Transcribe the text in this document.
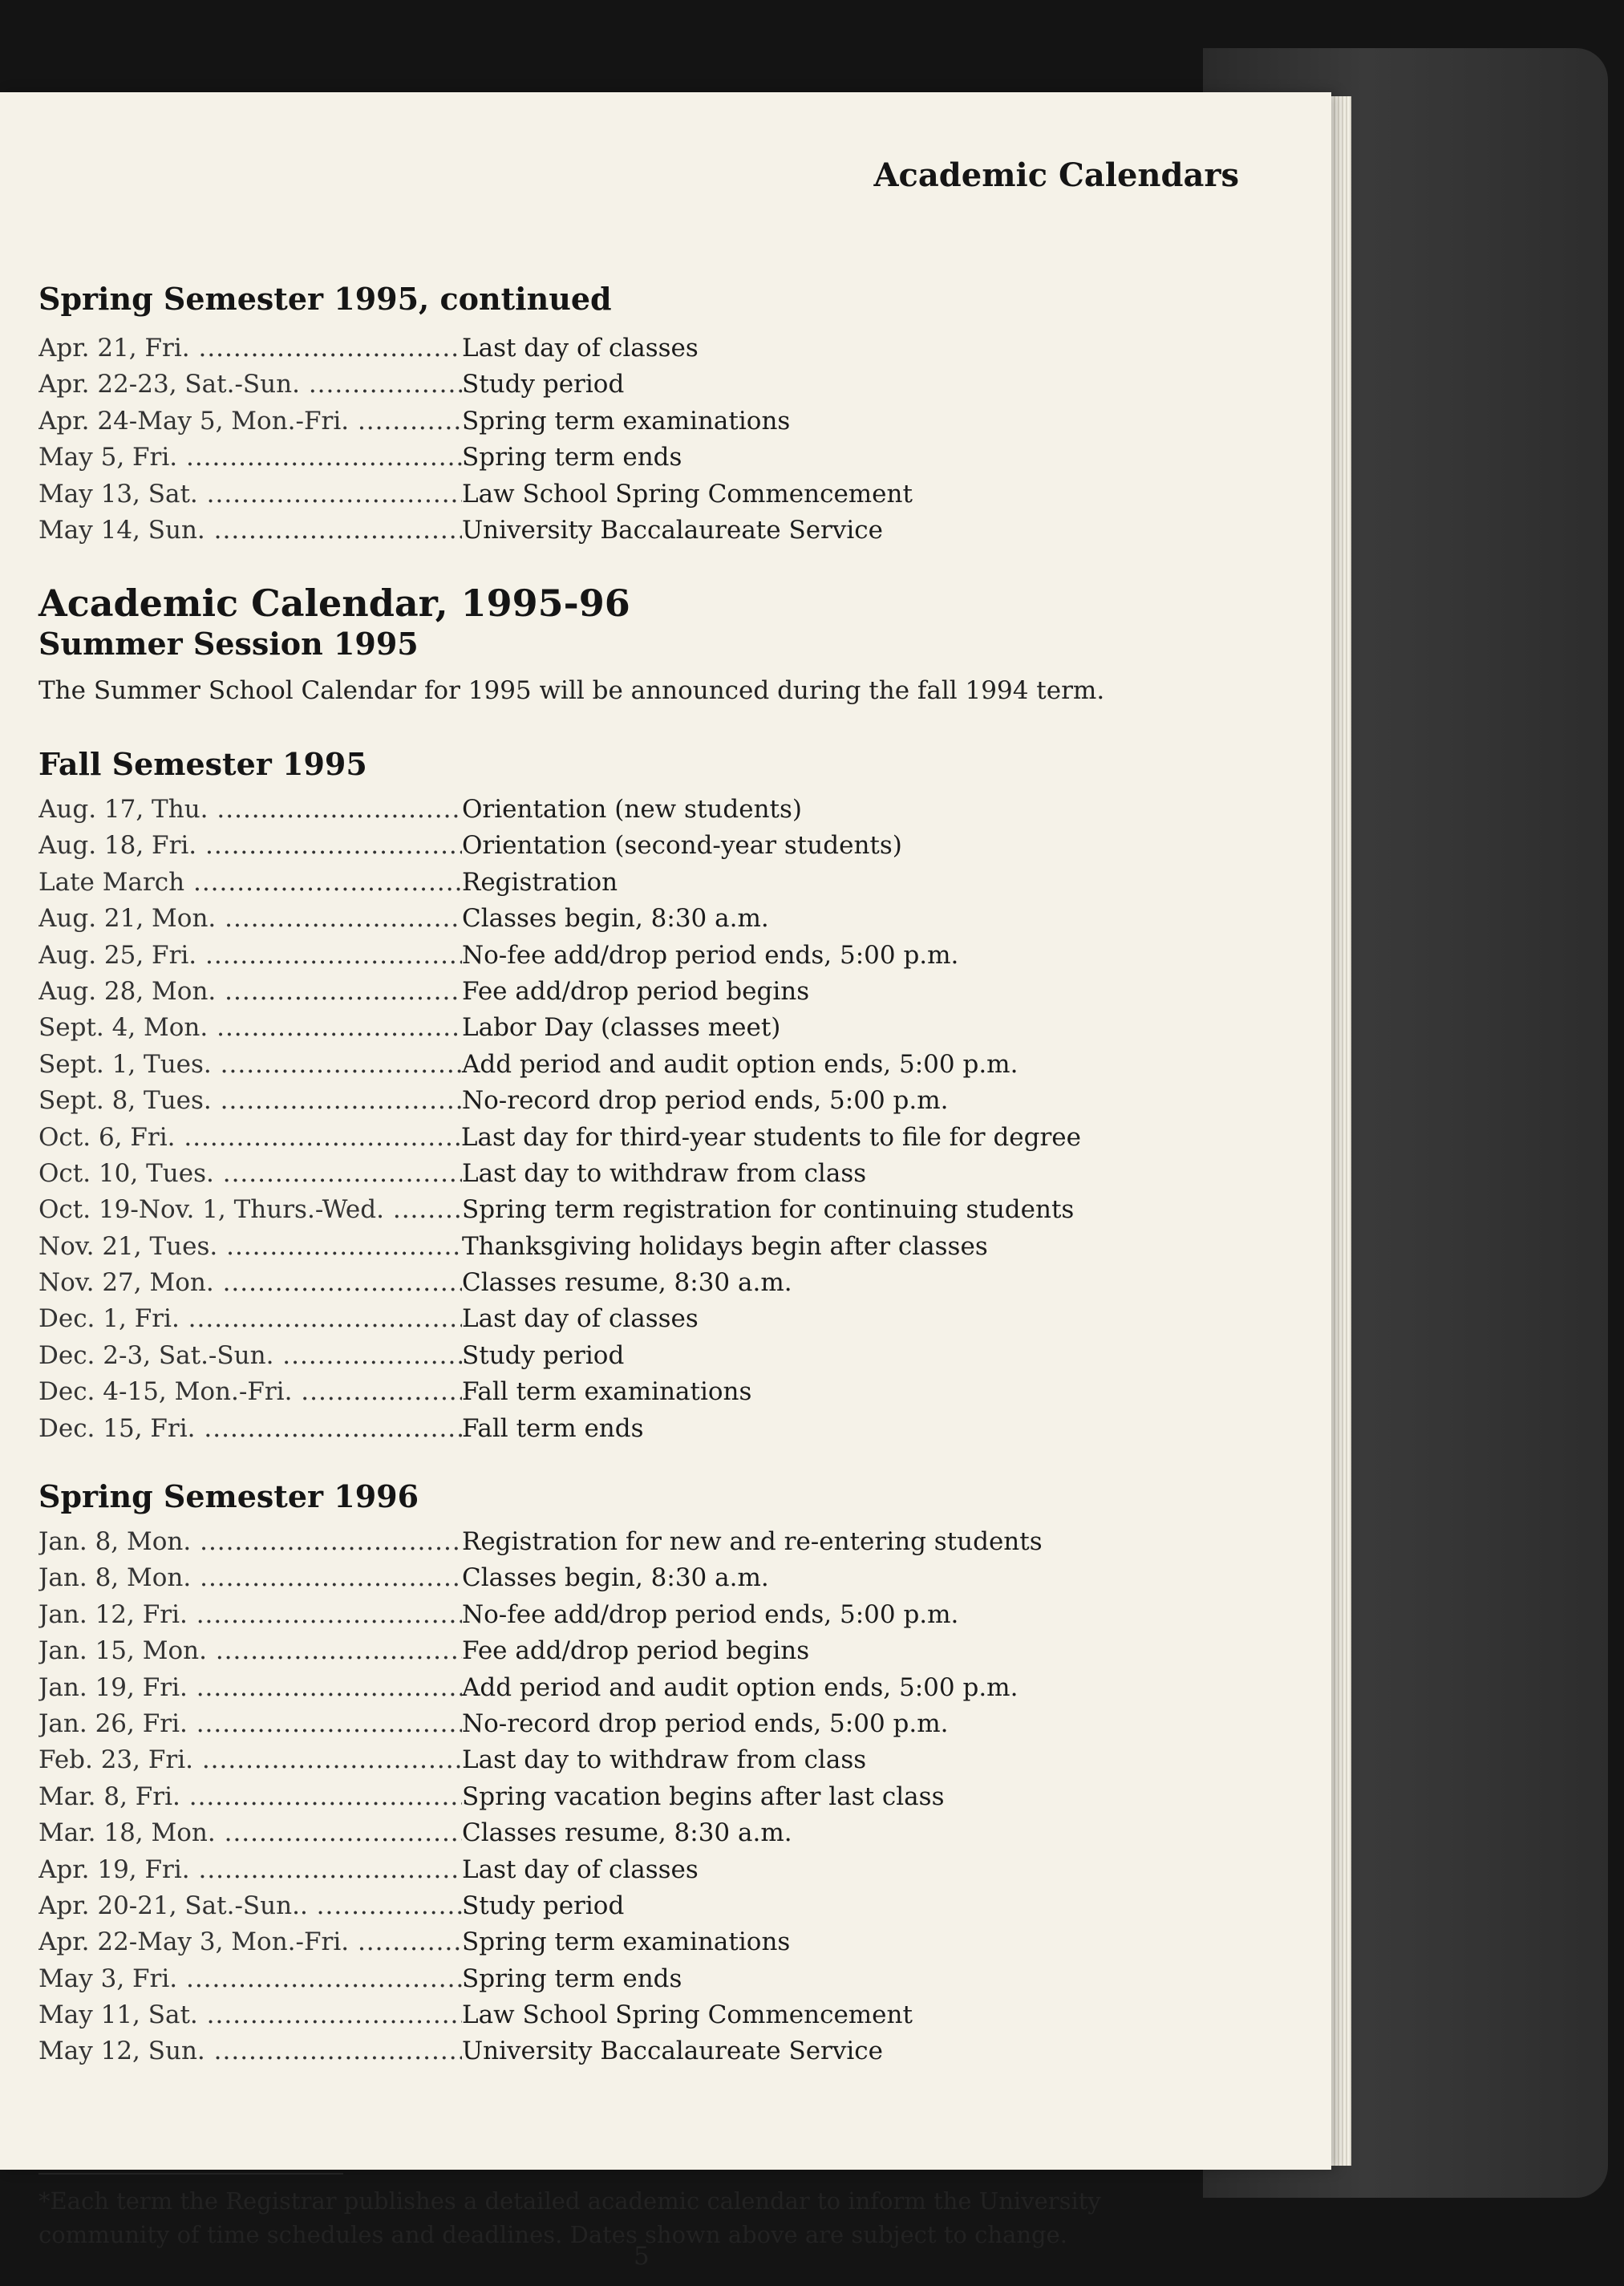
Academic Calendars
Spring Semester 1995, continued
Apr. 21, Fri. .....	Last day of classes
Apr. 22-23, Sat.-Sun. .....	Study period
Apr. 24-May 5, Mon.-Fri. .....	Spring term examinations
May 5, Fri. .....	Spring term ends
May 13, Sat. .....	Law School Spring Commencement
May 14, Sun. .....	University Baccalaureate Service
Academic Calendar, 1995-96
Summer Session 1995

The Summer School Calendar for 1995 will be announced during the fall 1994 term.

Fall Semester 1995
Aug. 17, Thu. .....	Orientation (new students)
Aug. 18, Fri. .....	Orientation (second-year students)
Late March .....	Registration
Aug. 21, Mon. .....	Classes begin, 8:30 a.m.
Aug. 25, Fri. .....	No-fee add/drop period ends, 5:00 p.m.
Aug. 28, Mon. .....	Fee add/drop period begins
Sept. 4, Mon. .....	Labor Day (classes meet)
Sept. 1, Tues. .....	Add period and audit option ends, 5:00 p.m.
Sept. 8, Tues. .....	No-record drop period ends, 5:00 p.m.
Oct. 6, Fri. .....	Last day for third-year students to file for degree
Oct. 10, Tues. .....	Last day to withdraw from class
Oct. 19-Nov. 1, Thurs.-Wed. .....	Spring term registration for continuing students
Nov. 21, Tues. .....	Thanksgiving holidays begin after classes
Nov. 27, Mon. .....	Classes resume, 8:30 a.m.
Dec. 1, Fri. .....	Last day of classes
Dec. 2-3, Sat.-Sun. .....	Study period
Dec. 4-15, Mon.-Fri. .....	Fall term examinations
Dec. 15, Fri. .....	Fall term ends
Spring Semester 1996
Jan. 8, Mon. .....	Registration for new and re-entering students
Jan. 8, Mon. .....	Classes begin, 8:30 a.m.
Jan. 12, Fri. .....	No-fee add/drop period ends, 5:00 p.m.
Jan. 15, Mon. .....	Fee add/drop period begins
Jan. 19, Fri. .....	Add period and audit option ends, 5:00 p.m.
Jan. 26, Fri. .....	No-record drop period ends, 5:00 p.m.
Feb. 23, Fri. .....	Last day to withdraw from class
Mar. 8, Fri. .....	Spring vacation begins after last class
Mar. 18, Mon. .....	Classes resume, 8:30 a.m.
Apr. 19, Fri. .....	Last day of classes
Apr. 20-21, Sat.-Sun.. .....	Study period
Apr. 22-May 3, Mon.-Fri. .....	Spring term examinations
May 3, Fri. .....	Spring term ends
May 11, Sat. .....	Law School Spring Commencement
May 12, Sun. .....	University Baccalaureate Service

*Each term the Registrar publishes a detailed academic calendar to inform the University community of time schedules and deadlines. Dates shown above are subject to change.

5
